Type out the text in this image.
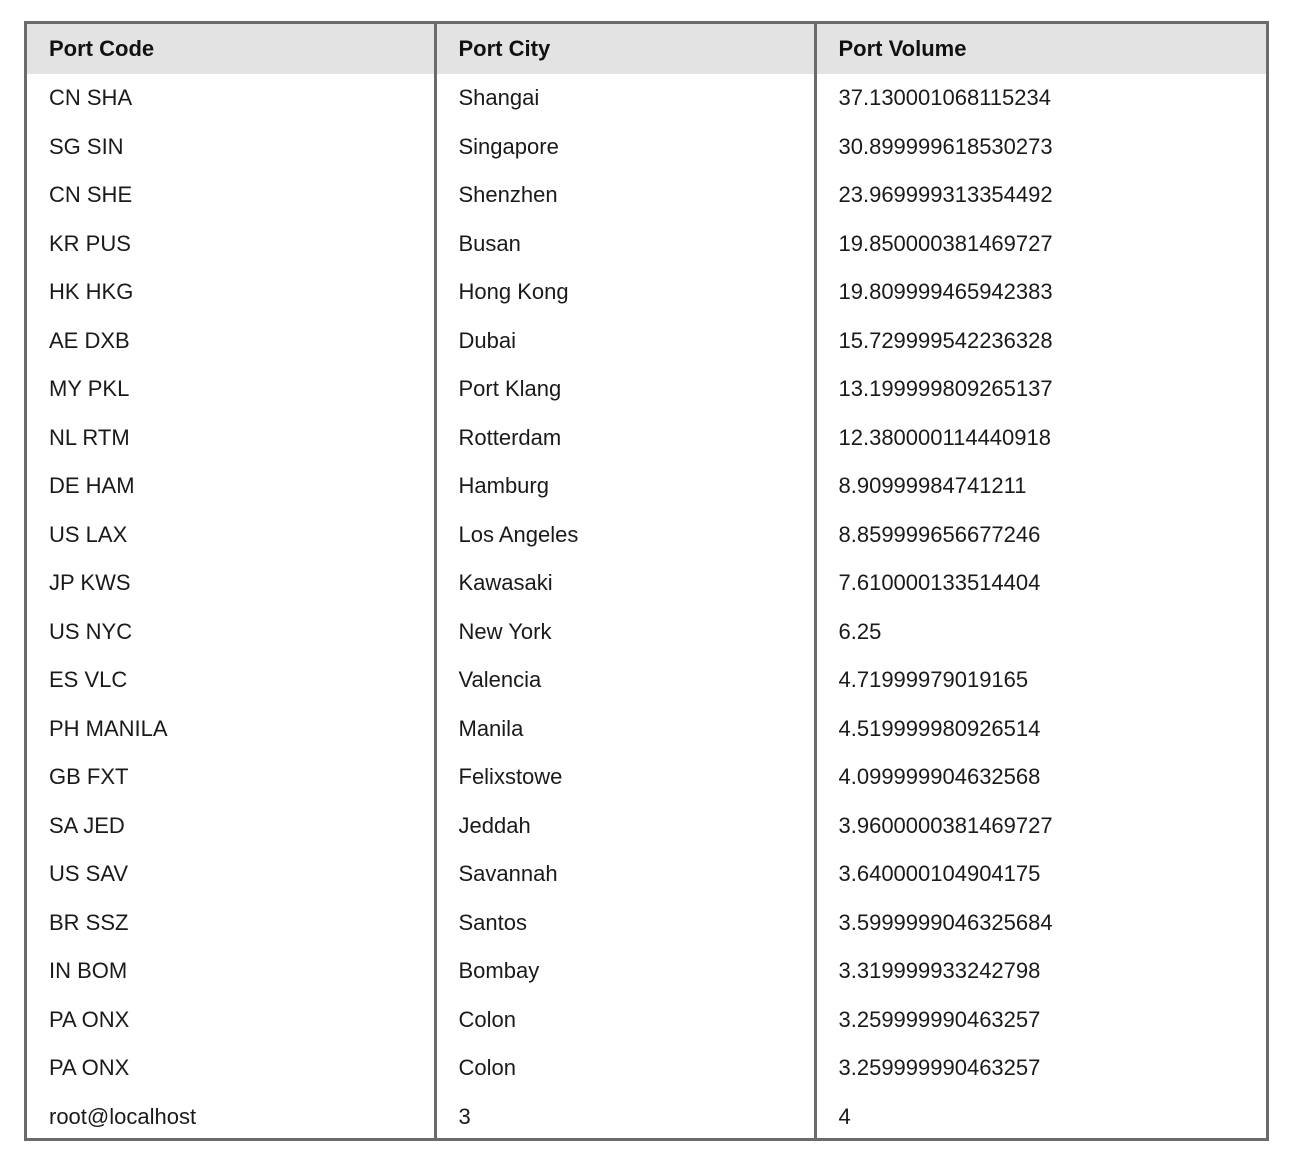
Port Code	Port City	Port Volume
CN SHA	Shangai	37.130001068115234
SG SIN	Singapore	30.899999618530273
CN SHE	Shenzhen	23.969999313354492
KR PUS	Busan	19.850000381469727
HK HKG	Hong Kong	19.809999465942383
AE DXB	Dubai	15.729999542236328
MY PKL	Port Klang	13.199999809265137
NL RTM	Rotterdam	12.380000114440918
DE HAM	Hamburg	8.90999984741211
US LAX	Los Angeles	8.859999656677246
JP KWS	Kawasaki	7.610000133514404
US NYC	New York	6.25
ES VLC	Valencia	4.71999979019165
PH MANILA	Manila	4.519999980926514
GB FXT	Felixstowe	4.099999904632568
SA JED	Jeddah	3.9600000381469727
US SAV	Savannah	3.640000104904175
BR SSZ	Santos	3.5999999046325684
IN BOM	Bombay	3.319999933242798
PA ONX	Colon	3.259999990463257
PA ONX	Colon	3.259999990463257
root@localhost	3	4
